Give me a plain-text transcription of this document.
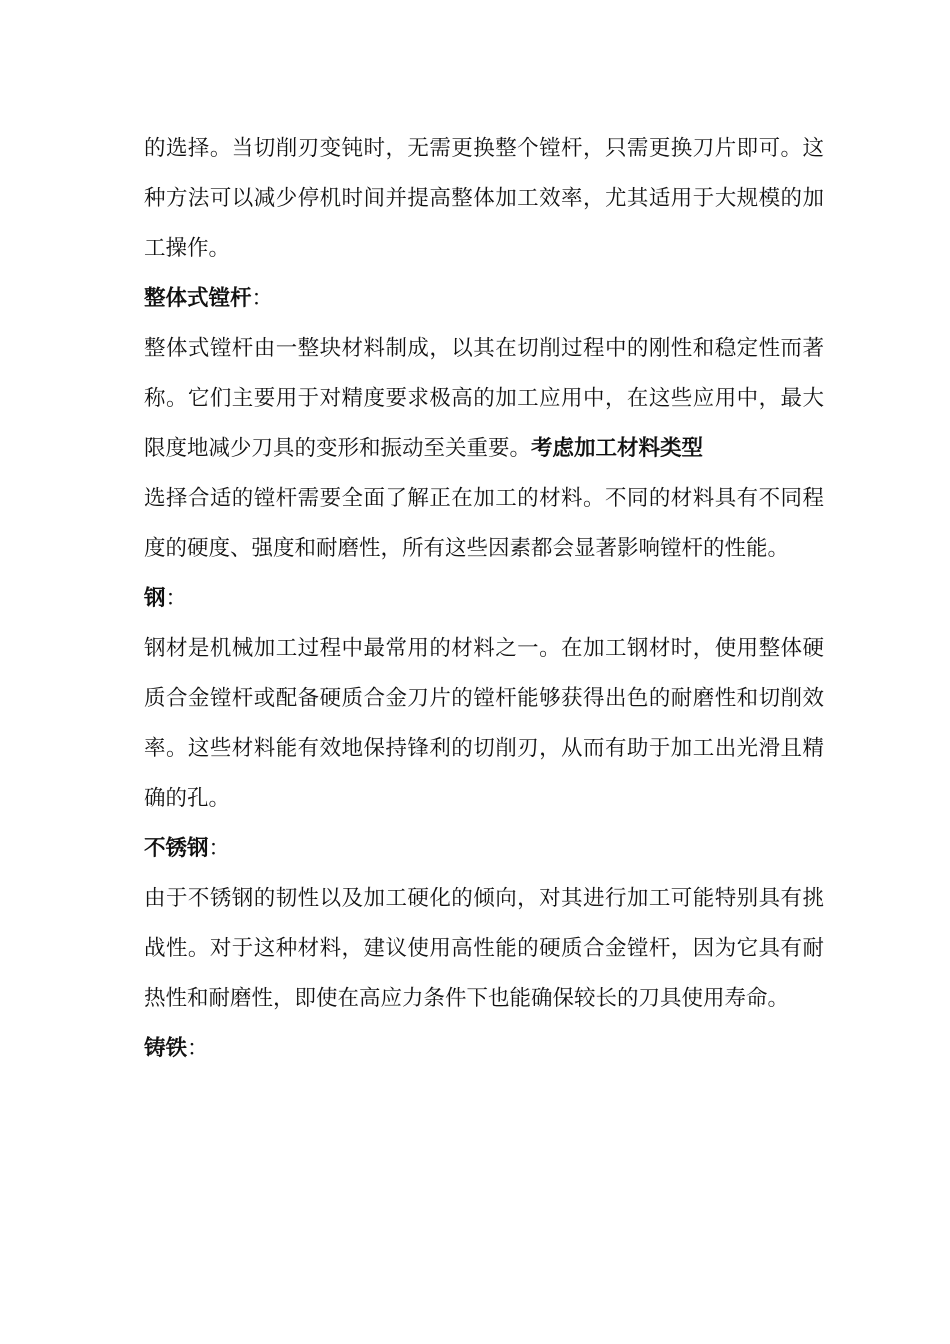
的选择。当切削刃变钝时，无需更换整个镗杆，只需更换刀片即可。这种方法可以减少停机时间并提高整体加工效率，尤其适用于大规模的加工操作。

整体式镗杆：

整体式镗杆由一整块材料制成，以其在切削过程中的刚性和稳定性而著称。它们主要用于对精度要求极高的加工应用中，在这些应用中，最大限度地减少刀具的变形和振动至关重要。考虑加工材料类型

选择合适的镗杆需要全面了解正在加工的材料。不同的材料具有不同程度的硬度、强度和耐磨性，所有这些因素都会显著影响镗杆的性能。

钢：

钢材是机械加工过程中最常用的材料之一。在加工钢材时，使用整体硬质合金镗杆或配备硬质合金刀片的镗杆能够获得出色的耐磨性和切削效率。这些材料能有效地保持锋利的切削刃，从而有助于加工出光滑且精确的孔。

不锈钢：

由于不锈钢的韧性以及加工硬化的倾向，对其进行加工可能特别具有挑战性。对于这种材料，建议使用高性能的硬质合金镗杆，因为它具有耐热性和耐磨性，即使在高应力条件下也能确保较长的刀具使用寿命。

铸铁：
